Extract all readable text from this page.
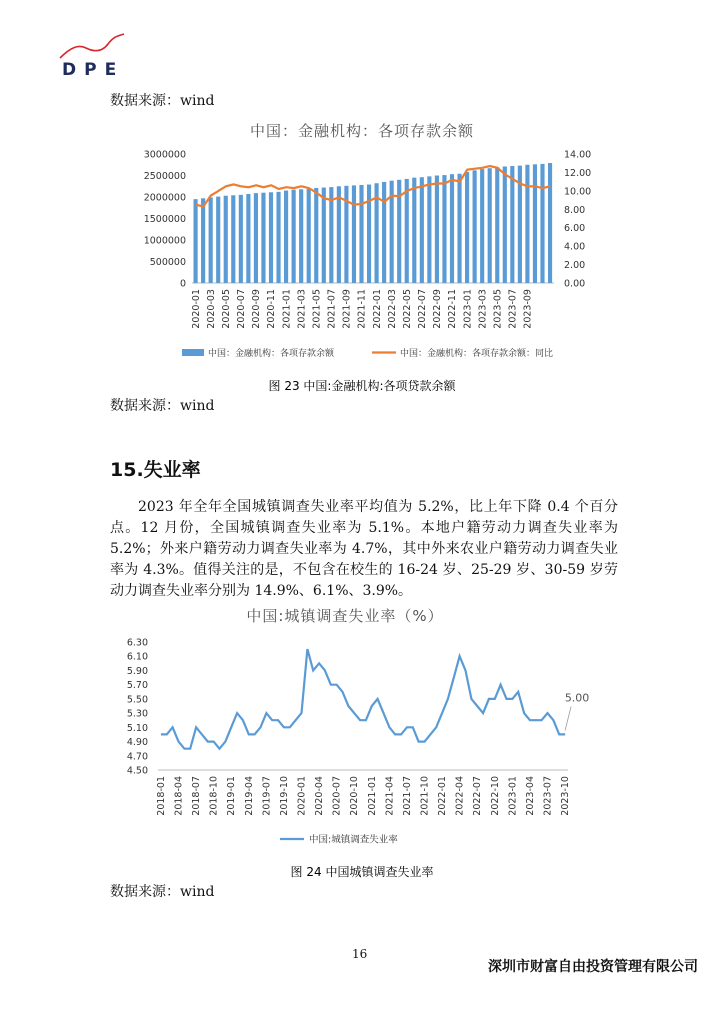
DPE
数据来源：wind
中国：金融机构：各项存款余额
3000000
2500000
2000000
1500000
1000000
500000
0
14.00
12.00
10.00
8.00
6.00
4.00
2.00
0.00
2020-01 2020-03 2020-05 2020-07 2020-09 2020-11 2021-01 2021-03 2021-05 2021-07 2021-09 2021-11 2022-01 2022-03 2022-05 2022-07 2022-09 2022-11 2023-01 2023-03 2023-05 2023-07 2023-09
中国：金融机构：各项存款余额	中国：金融机构：各项存款余额：同比
图 23 中国:金融机构:各项贷款余额
数据来源：wind
15.失业率

2023 年全年全国城镇调查失业率平均值为 5.2%，比上年下降 0.4 个百分点。12 月份，全国城镇调查失业率为 5.1%。本地户籍劳动力调查失业率为 5.2%；外来户籍劳动力调查失业率为 4.7%，其中外来农业户籍劳动力调查失业率为 4.3%。值得关注的是，不包含在校生的 16-24 岁、25-29 岁、30-59 岁劳动力调查失业率分别为 14.9%、6.1%、3.9%。

中国:城镇调查失业率（%）
6.30
6.10
5.90
5.70
5.50
5.30
5.10
4.90
4.70
4.50
5.00
2018-01 2018-04 2018-07 2018-10 2019-01 2019-04 2019-07 2019-10 2020-01 2020-04 2020-07 2020-10 2021-01 2021-04 2021-07 2021-10 2022-01 2022-04 2022-07 2022-10 2023-01 2023-04 2023-07 2023-10
中国:城镇调查失业率
图 24 中国城镇调查失业率
数据来源：wind
16
深圳市财富自由投资管理有限公司
